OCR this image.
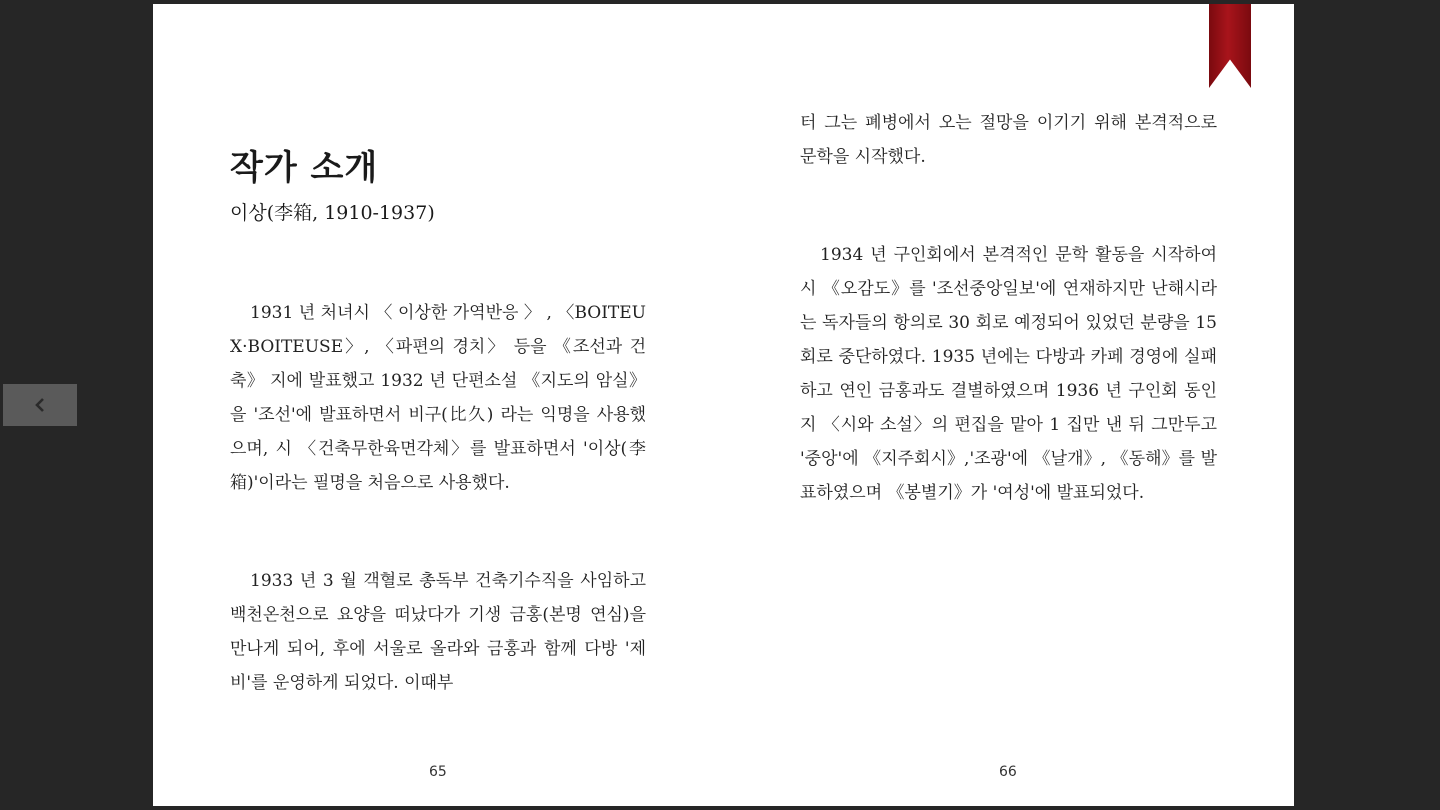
작가 소개

이상(李箱, 1910-1937)

1931 년 처녀시 〈 이상한 가역반응 〉 , 〈BOITEUX·BOITEUSE〉, 〈파편의 경치〉 등을 《조선과 건축》 지에 발표했고 1932 년 단편소설 《지도의 암실》 을 '조선'에 발표하면서 비구(比久) 라는 익명을 사용했으며, 시 〈건축무한육면각체〉를 발표하면서 '이상(李箱)'이라는 필명을 처음으로 사용했다.

1933 년 3 월 객혈로 총독부 건축기수직을 사임하고 백천온천으로 요양을 떠났다가 기생 금홍(본명 연심)을 만나게 되어, 후에 서울로 올라와 금홍과 함께 다방 '제비'를 운영하게 되었다. 이때부

65

터 그는 폐병에서 오는 절망을 이기기 위해 본격적으로 문학을 시작했다.

1934 년 구인회에서 본격적인 문학 활동을 시작하여 시 《오감도》를 '조선중앙일보'에 연재하지만 난해시라는 독자들의 항의로 30 회로 예정되어 있었던 분량을 15 회로 중단하였다. 1935 년에는 다방과 카페 경영에 실패하고 연인 금홍과도 결별하였으며 1936 년 구인회 동인지 〈시와 소설〉의 편집을 맡아 1 집만 낸 뒤 그만두고 '중앙'에 《지주회시》,'조광'에 《날개》, 《동해》를 발표하였으며 《봉별기》가 '여성'에 발표되었다.

66
